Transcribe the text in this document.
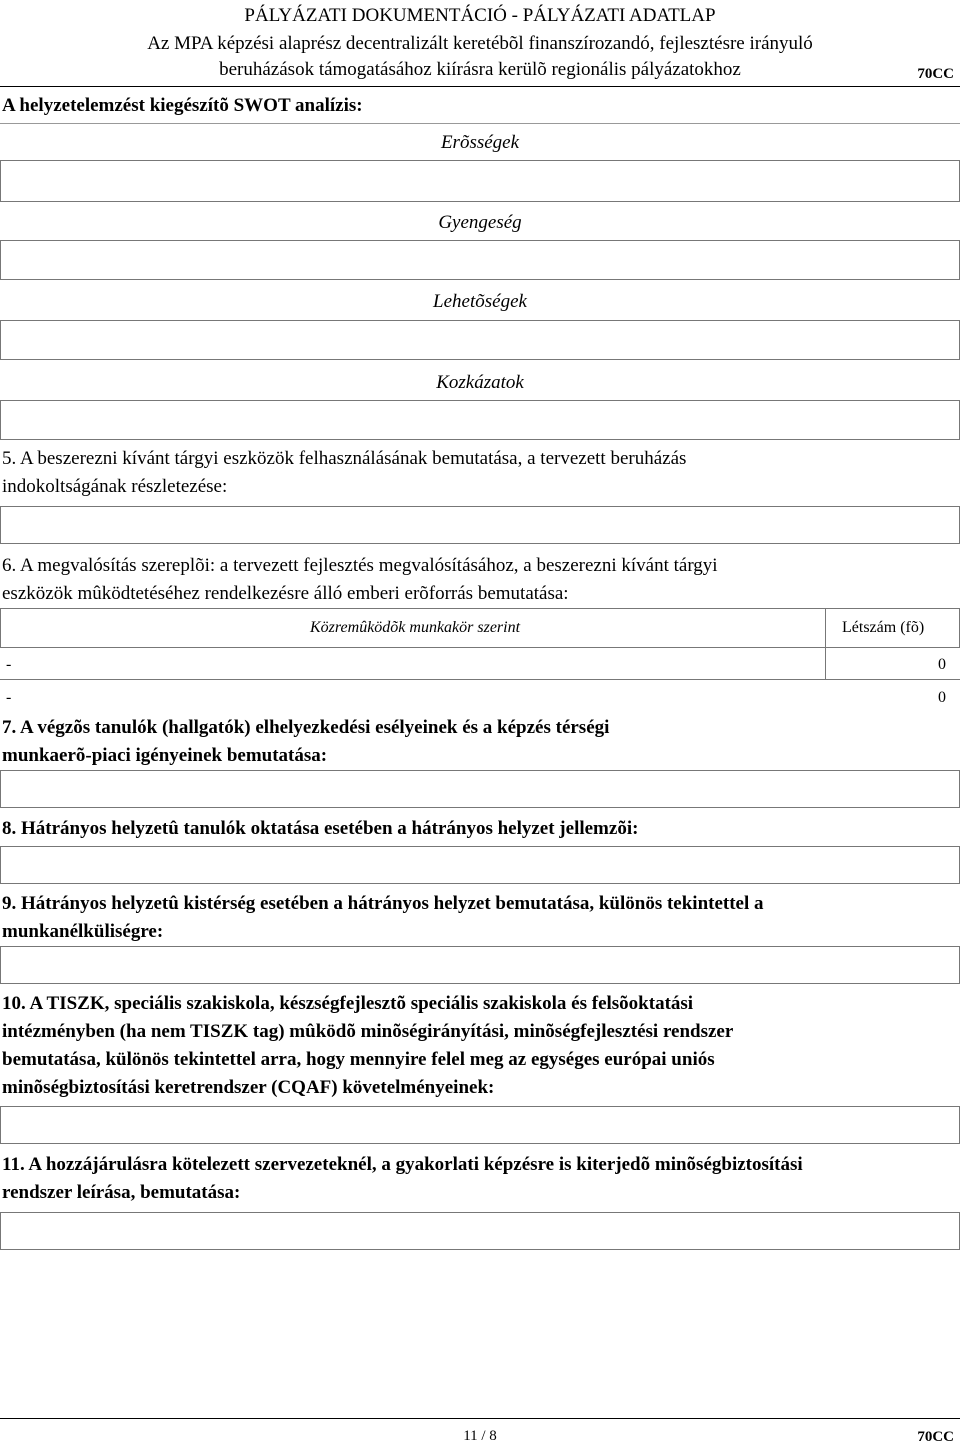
PÁLYÁZATI DOKUMENTÁCIÓ - PÁLYÁZATI ADATLAP
Az MPA képzési alaprész decentralizált keretébõl finanszírozandó, fejlesztésre irányuló
beruházások támogatásához kiírásra kerülõ regionális pályázatokhoz	70CC
A helyzetelemzést kiegészítõ SWOT analízis:
Erõsségek
Gyengeség
Lehetõségek
Kozkázatok
5. A beszerezni kívánt tárgyi eszközök felhasználásának bemutatása, a tervezett beruházás
indokoltságának részletezése:
6. A megvalósítás szereplõi: a tervezett fejlesztés megvalósításához, a beszerezni kívánt tárgyi
eszközök mûködtetéséhez rendelkezésre álló emberi erõforrás bemutatása:
Közremûködõk munkakör szerint	Létszám (fõ)
-	0
-	0
7. A végzõs tanulók (hallgatók) elhelyezkedési esélyeinek és a képzés térségi
munkaerõ-piaci igényeinek bemutatása:
8. Hátrányos helyzetû tanulók oktatása esetében a hátrányos helyzet jellemzõi:
9. Hátrányos helyzetû kistérség esetében a hátrányos helyzet bemutatása, különös tekintettel a
munkanélküliségre:
10. A TISZK, speciális szakiskola, készségfejlesztõ speciális szakiskola és felsõoktatási
intézményben (ha nem TISZK tag) mûködõ minõségirányítási, minõségfejlesztési rendszer
bemutatása, különös tekintettel arra, hogy mennyire felel meg az egységes európai uniós
minõségbiztosítási keretrendszer (CQAF) követelményeinek:
11. A hozzájárulásra kötelezett szervezeteknél, a gyakorlati képzésre is kiterjedõ minõségbiztosítási
rendszer leírása, bemutatása:
11 / 8	70CC
